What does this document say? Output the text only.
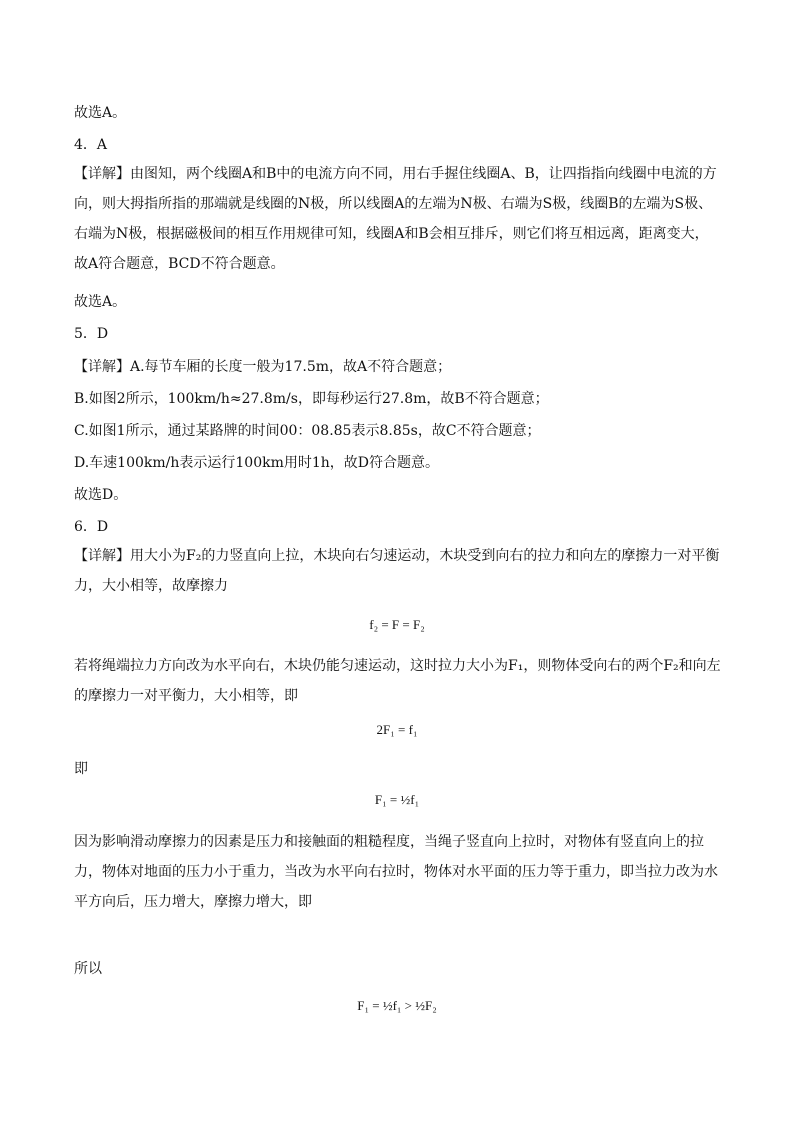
故选A。
4．A
【详解】由图知，两个线圈A和B中的电流方向不同，用右手握住线圈A、B，让四指指向线圈中电流的方向，则大拇指所指的那端就是线圈的N极，所以线圈A的左端为N极、右端为S极，线圈B的左端为S极、右端为N极，根据磁极间的相互作用规律可知，线圈A和B会相互排斥，则它们将互相远离，距离变大，故A符合题意，BCD不符合题意。
故选A。
5．D
【详解】A.每节车厢的长度一般为17.5m，故A不符合题意；
B.如图2所示，100km/h≈27.8m/s，即每秒运行27.8m，故B不符合题意；
C.如图1所示，通过某路牌的时间00：08.85表示8.85s，故C不符合题意；
D.车速100km/h表示运行100km用时1h，故D符合题意。
故选D。
6．D
【详解】用大小为F₂的力竖直向上拉，木块向右匀速运动，木块受到向右的拉力和向左的摩擦力一对平衡力，大小相等，故摩擦力
f₂ = F = F₂
若将绳端拉力方向改为水平向右，木块仍能匀速运动，这时拉力大小为F₁，则物体受向右的两个F₂和向左的摩擦力一对平衡力，大小相等，即
2F₁ = f₁
即
F₁ = ½f₁
因为影响滑动摩擦力的因素是压力和接触面的粗糙程度，当绳子竖直向上拉时，对物体有竖直向上的拉力，物体对地面的压力小于重力，当改为水平向右拉时，物体对水平面的压力等于重力，即当拉力改为水平方向后，压力增大，摩擦力增大，即
所以
F₁ = ½f₁ > ½F₂
